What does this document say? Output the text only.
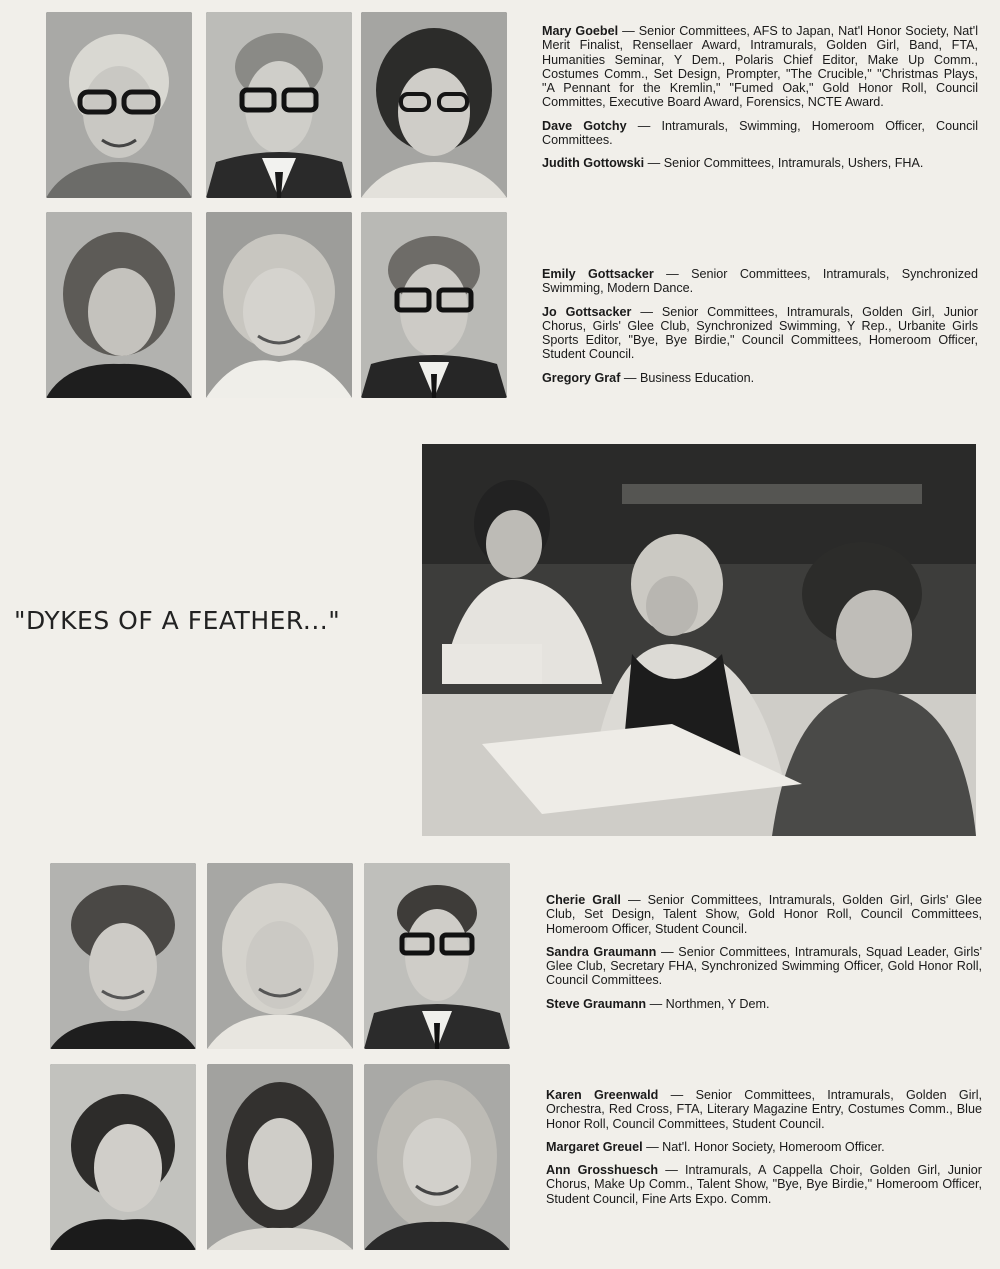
Mary Goebel — Senior Committees, AFS to Japan, Nat'l Honor Society, Nat'l Merit Finalist, Rensellaer Award, Intramurals, Golden Girl, Band, FTA, Humanities Seminar, Y Dem., Polaris Chief Editor, Make Up Comm., Costumes Comm., Set Design, Prompter, "The Crucible," "Christmas Plays, "A Pennant for the Kremlin," "Fumed Oak," Gold Honor Roll, Council Committes, Executive Board Award, Forensics, NCTE Award.

Dave Gotchy — Intramurals, Swimming, Homeroom Officer, Council Committees.

Judith Gottowski — Senior Committees, Intramurals, Ushers, FHA.

Emily Gottsacker — Senior Committees, Intramurals, Synchronized Swimming, Modern Dance.

Jo Gottsacker — Senior Committees, Intramurals, Golden Girl, Junior Chorus, Girls' Glee Club, Synchronized Swimming, Y Rep., Urbanite Girls Sports Editor, "Bye, Bye Birdie," Council Committees, Homeroom Officer, Student Council.

Gregory Graf — Business Education.

"DYKES OF A FEATHER..."

Cherie Grall — Senior Committees, Intramurals, Golden Girl, Girls' Glee Club, Set Design, Talent Show, Gold Honor Roll, Council Committees, Homeroom Officer, Student Council.

Sandra Graumann — Senior Committees, Intramurals, Squad Leader, Girls' Glee Club, Secretary FHA, Synchronized Swimming Officer, Gold Honor Roll, Council Committees.

Steve Graumann — Northmen, Y Dem.

Karen Greenwald — Senior Committees, Intramurals, Golden Girl, Orchestra, Red Cross, FTA, Literary Magazine Entry, Costumes Comm., Blue Honor Roll, Council Committees, Student Council.

Margaret Greuel — Nat'l. Honor Society, Homeroom Officer.

Ann Grosshuesch — Intramurals, A Cappella Choir, Golden Girl, Junior Chorus, Make Up Comm., Talent Show, "Bye, Bye Birdie," Homeroom Officer, Student Council, Fine Arts Expo. Comm.
